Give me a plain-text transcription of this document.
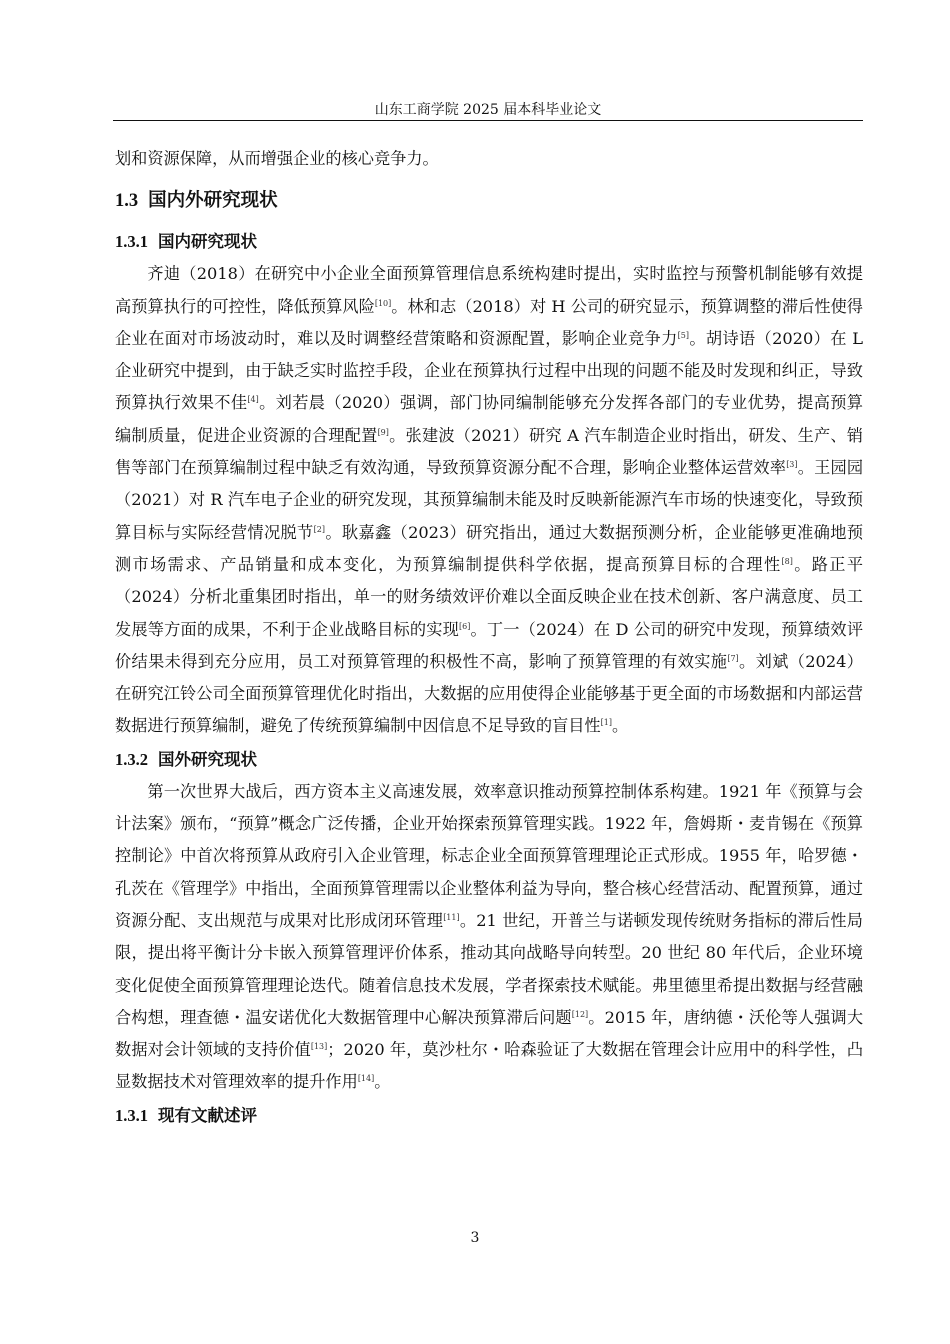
山东工商学院 2025 届本科毕业论文

划和资源保障，从而增强企业的核心竞争力。

1.3 国内外研究现状
1.3.1 国内研究现状

齐迪（2018）在研究中小企业全面预算管理信息系统构建时提出，实时监控与预警机制能够有效提高预算执行的可控性，降低预算风险[10]。林和志（2018）对 H 公司的研究显示，预算调整的滞后性使得企业在面对市场波动时，难以及时调整经营策略和资源配置，影响企业竞争力[5]。胡诗语（2020）在 L 企业研究中提到，由于缺乏实时监控手段，企业在预算执行过程中出现的问题不能及时发现和纠正，导致预算执行效果不佳[4]。刘若晨（2020）强调，部门协同编制能够充分发挥各部门的专业优势，提高预算编制质量，促进企业资源的合理配置[9]。张建波（2021）研究 A 汽车制造企业时指出，研发、生产、销售等部门在预算编制过程中缺乏有效沟通，导致预算资源分配不合理，影响企业整体运营效率[3]。王园园（2021）对 R 汽车电子企业的研究发现，其预算编制未能及时反映新能源汽车市场的快速变化，导致预算目标与实际经营情况脱节[2]。耿嘉鑫（2023）研究指出，通过大数据预测分析，企业能够更准确地预测市场需求、产品销量和成本变化，为预算编制提供科学依据，提高预算目标的合理性[8]。路正平（2024）分析北重集团时指出，单一的财务绩效评价难以全面反映企业在技术创新、客户满意度、员工发展等方面的成果，不利于企业战略目标的实现[6]。丁一（2024）在 D 公司的研究中发现，预算绩效评价结果未得到充分应用，员工对预算管理的积极性不高，影响了预算管理的有效实施[7]。刘斌（2024）在研究江铃公司全面预算管理优化时指出，大数据的应用使得企业能够基于更全面的市场数据和内部运营数据进行预算编制，避免了传统预算编制中因信息不足导致的盲目性[1]。

1.3.2 国外研究现状

第一次世界大战后，西方资本主义高速发展，效率意识推动预算控制体系构建。1921 年《预算与会计法案》颁布，“预算”概念广泛传播，企业开始探索预算管理实践。1922 年，詹姆斯・麦肯锡在《预算控制论》中首次将预算从政府引入企业管理，标志企业全面预算管理理论正式形成。1955 年，哈罗德・孔茨在《管理学》中指出，全面预算管理需以企业整体利益为导向，整合核心经营活动、配置预算，通过资源分配、支出规范与成果对比形成闭环管理[11]。21 世纪，开普兰与诺顿发现传统财务指标的滞后性局限，提出将平衡计分卡嵌入预算管理评价体系，推动其向战略导向转型。20 世纪 80 年代后，企业环境变化促使全面预算管理理论迭代。随着信息技术发展，学者探索技术赋能。弗里德里希提出数据与经营融合构想，理查德・温安诺优化大数据管理中心解决预算滞后问题[12]。2015 年，唐纳德・沃伦等人强调大数据对会计领域的支持价值[13]；2020 年，莫沙杜尔・哈森验证了大数据在管理会计应用中的科学性，凸显数据技术对管理效率的提升作用[14]。

1.3.1 现有文献述评
3
